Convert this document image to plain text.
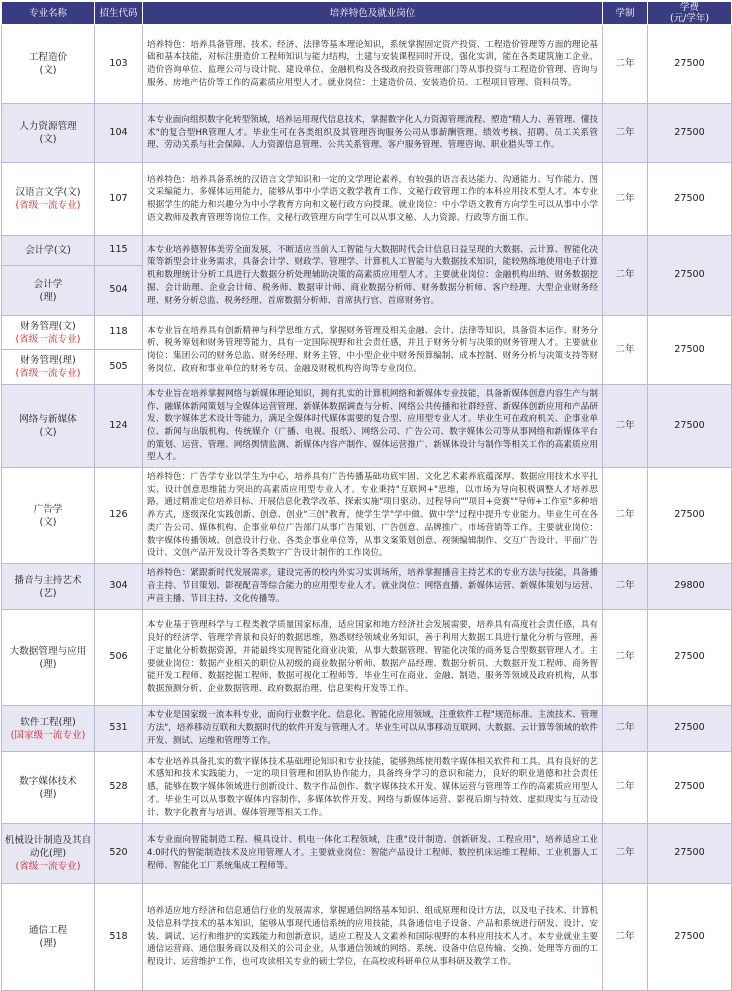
专业名称	招生代码	培养特色及就业岗位	学制	学费
(元/学年)

工程造价
(文)	103	培养特色：培养具备管理、技术、经济、法律等基本理论知识，系统掌握固定资产投资、工程造价管理等方面的理论基础和基本技能，对标注册造价工程师知识与能力结构，土建与安装课程同时开设，强化实训，能在各类建筑施工企业、造价咨询单位、监理公司与设计院、建设单位、金融机构及各级政府投资管理部门等从事投资与工程造价管理、咨询与服务、房地产估价等工作的高素质应用型人才。就业岗位：土建造价员、安装造价员、工程项目管理、资料员等。	二年	27500

人力资源管理
(文)	104	本专业面向组织数字化转型领域，培养运用现代信息技术，掌握数字化人力资源管理流程、塑造"精人力、善管理、懂技术"的复合型HR管理人才。毕业生可在各类组织及其管理咨询服务公司从事薪酬管理、绩效考核、招聘、员工关系管理、劳动关系与社会保障、人力资源信息管理、公共关系管理、客户服务管理、管理咨询、职业猎头等工作。	二年	27500

汉语言文学(文)
(省级一流专业)	107	培养特色：培养具备系统的汉语言文学知识和一定的文学理论素养，有较强的语言表达能力、沟通能力、写作能力、图文采编能力、多媒体运用能力，能够从事中小学语文教学教育工作、文秘行政管理工作的本科应用技术型人才。本专业根据学生的能力和兴趣分为中小学教育方向和文秘行政方向授课。就业岗位：中小学语文教育方向学生可以从事中小学语文教师及教育管理等岗位工作。文秘行政管理方向学生可以从事文秘、人力资源、行政等方面工作。	二年	27500
会计学(文)	115	本专业培养德智体美劳全面发展，不断适应当前人工智能与大数据时代会计信息日益呈现的大数据、云计算、智能化决策等新型会计业务需求，具备会计学、财政学、管理学、计算机人工智能与大数据技术知识，能较熟练地使用电子计算机和数理统计分析工具进行大数据分析处理辅助决策的高素质应用型人才。主要就业岗位：金融机构出纳、财务数据挖掘、会计助理、企业会计师、税务师、数据审计师、商业数据分析师、财务数据分析师、客户经理、大型企业财务经理、财务分析总监、税务经理、首席数据分析师、首席执行官、首席财务官。	二年	27500

会计学
(理)	504			

财务管理(文)
(省级一流专业)	118	本专业旨在培养具有创新精神与科学思维方式，掌握财务管理及相关金融、会计、法律等知识，具备资本运作、财务分析、税务筹划和财务管理等能力，具有一定国际视野和社会责任感，并且于财务分析与决策的财务管理人才。主要就业岗位：集团公司的财务总监、财务经理、财务主管，中小型企业中财务预算编制、成本控制、财务分析与决策支持等财务岗位、政府和事业单位的财务专员、金融及财税机构咨询等专业岗位。	二年	27500

财务管理(理)
(省级一流专业)	505			

网络与新媒体
(文)	124	本专业旨在培养掌握网络与新媒体理论知识，拥有扎实的计算机网络和新媒体专业技能，具备新媒体创意内容生产与制作、融媒体新闻策划与全媒体运营管理、新媒体数据调查与分析、网络公共传播和社群经营、新媒体创新应用和产品研发、数字媒体艺术设计等能力，满足全媒体时代媒体需要的复合型、应用型专业人才。毕业生可在政府机关、企事业单位、新闻与出版机构、传统媒介（广播、电视、报纸）、网络公司、广告公司、数字媒体公司等从事网络和新媒体平台的策划、运营、管理、网络舆情监测、新媒体内容产制作、媒体运营推广、新媒体设计与制作等相关工作的高素质应用型人才。	二年	27500

广告学
(文)	126	培养特色：广告学专业以学生为中心，培养具有广告传播基础功底牢固、文化艺术素养底蕴深厚、数据应用技术水平扎实、设计创意思维能力突出的高素质应用型专业人才。专业秉持"互联网+"思维，以市场为导向积极调整人才培养思路，通过精准定位培养目标、开展信息化教学改革、探索实施"项目驱动、过程导向""项目+竞赛""导师+工作室"多种培养方式，逐级深化实践创新、创意、创业"三创"教育，使学生学"学中做、做中学"过程中提升专业能力。毕业生可在各类广告公司、媒体机构、企事业单位广告部门从事广告策划、广告创意、品牌推广、市场营销等工作。主要就业岗位：数字媒体传播领域、创意设计行业、各类企事业单位等，从事文案策划创意、视频编辑制作、交互广告设计、平面广告设计、文创产品开发设计等各类数字广告设计制作的工作岗位。	二年	27500

播音与主持艺术
(艺)	304	培养特色：紧跟新时代发展需求，建设完善的校内外实习实训场所，培养掌握播音主持艺术的专业方法与技能，具备播音主持、节目策划、影视配音等综合能力的应用型专业人才。就业岗位：网络直播、新媒体运营、新媒体策划与运营、声音主播、节目主持、文化传播等。	二年	29800

大数据管理与应用
(理)	506	本专业基于管理科学与工程类教学质量国家标准，适应国家和地方经济社会发展需要，培养具有高度社会责任感，具有良好的经济学、管理学背景和良好的数据思维，熟悉财经领域业务知识，善于利用大数据工具进行量化分析与管理，善于定量化分析数据资源，并能最终实现智能化商业决策，从事大数据管理、智能化决策的商务复合型数据管理人才。主要就业岗位：数据产业相关的职位从初级的商业数据分析师、数据产品经理、数据分析员、大数据开发工程师、商务智能开发工程师、数据挖掘工程师、数据可视化工程师等。毕业生可在商业、金融、制造、服务等领域及政府机构，从事数据预测分析、企业数据管理、政府数据治理、信息架构开发等工作。	二年	27500

软件工程(理)
(国家级一流专业)	531	本专业是国家级一流本科专业，面向行业数字化、信息化、智能化应用领域，注重软件工程"规范标准、主流技术、管理方法"，培养移动互联和大数据时代的软件开发与管理人才。毕业生可以从事移动互联网、大数据、云计算等领域的软件开发、测试、运维和管理等工作。	二年	27500

数字媒体技术
(理)	528	本专业培养具备扎实的数字媒体技术基础理论知识和专业技能，能够熟练使用数字媒体相关软件和工具。具有良好的艺术感知和技术实践能力，一定的项目管理和团队协作能力，具备终身学习的意识和能力，良好的职业道德和社会责任感，能够在数字媒体领域进行创新设计、数字作品创作、数字媒体技术开发、媒体运营与管理等工作的高素质应用型人才。毕业生可以从事数字媒体内容制作、多媒体软件开发、网络与新媒体运营、影视后期与特效、虚拟现实与互动设计、数字化教育与培训、媒体管理等相关工作。	二年	27500

机械设计制造及其自动化(理)
(省级一流专业)	520	本专业面向智能制造工程、模具设计、机电一体化工程领域，注重"设计制造、创新研发、工程应用"，培养适应工业4.0时代的智能制造技术及应用管理人才。主要就业岗位：智能产品设计工程师、数控机床运维工程师、工业机器人工程师、智能化工厂系统集成工程师等。	二年	27500

通信工程
(理)	518	培养适应地方经济和信息通信行业的发展需求，掌握通信网络基本知识、组成原理和设计方法，以及电子技术、计算机及信息科学技术的基本知识，能够从事现代通信系统的应用技能，具备通信电子设备、产品和系统进行研发、设计、安装、调试、运行和维护的实践能力和创新意识，适应工程及人文素养和国际视野的本科应用技术人才。本专业就业主要通信运营商、通信服务商以及相关的公司企业，从事通信领域的网络、系统、设备中信息传输、交换、处理等方面的工程设计、运营维护工作，也可攻读相关专业的硕士学位，在高校或科研单位从事科研及教学工作。	二年	27500
